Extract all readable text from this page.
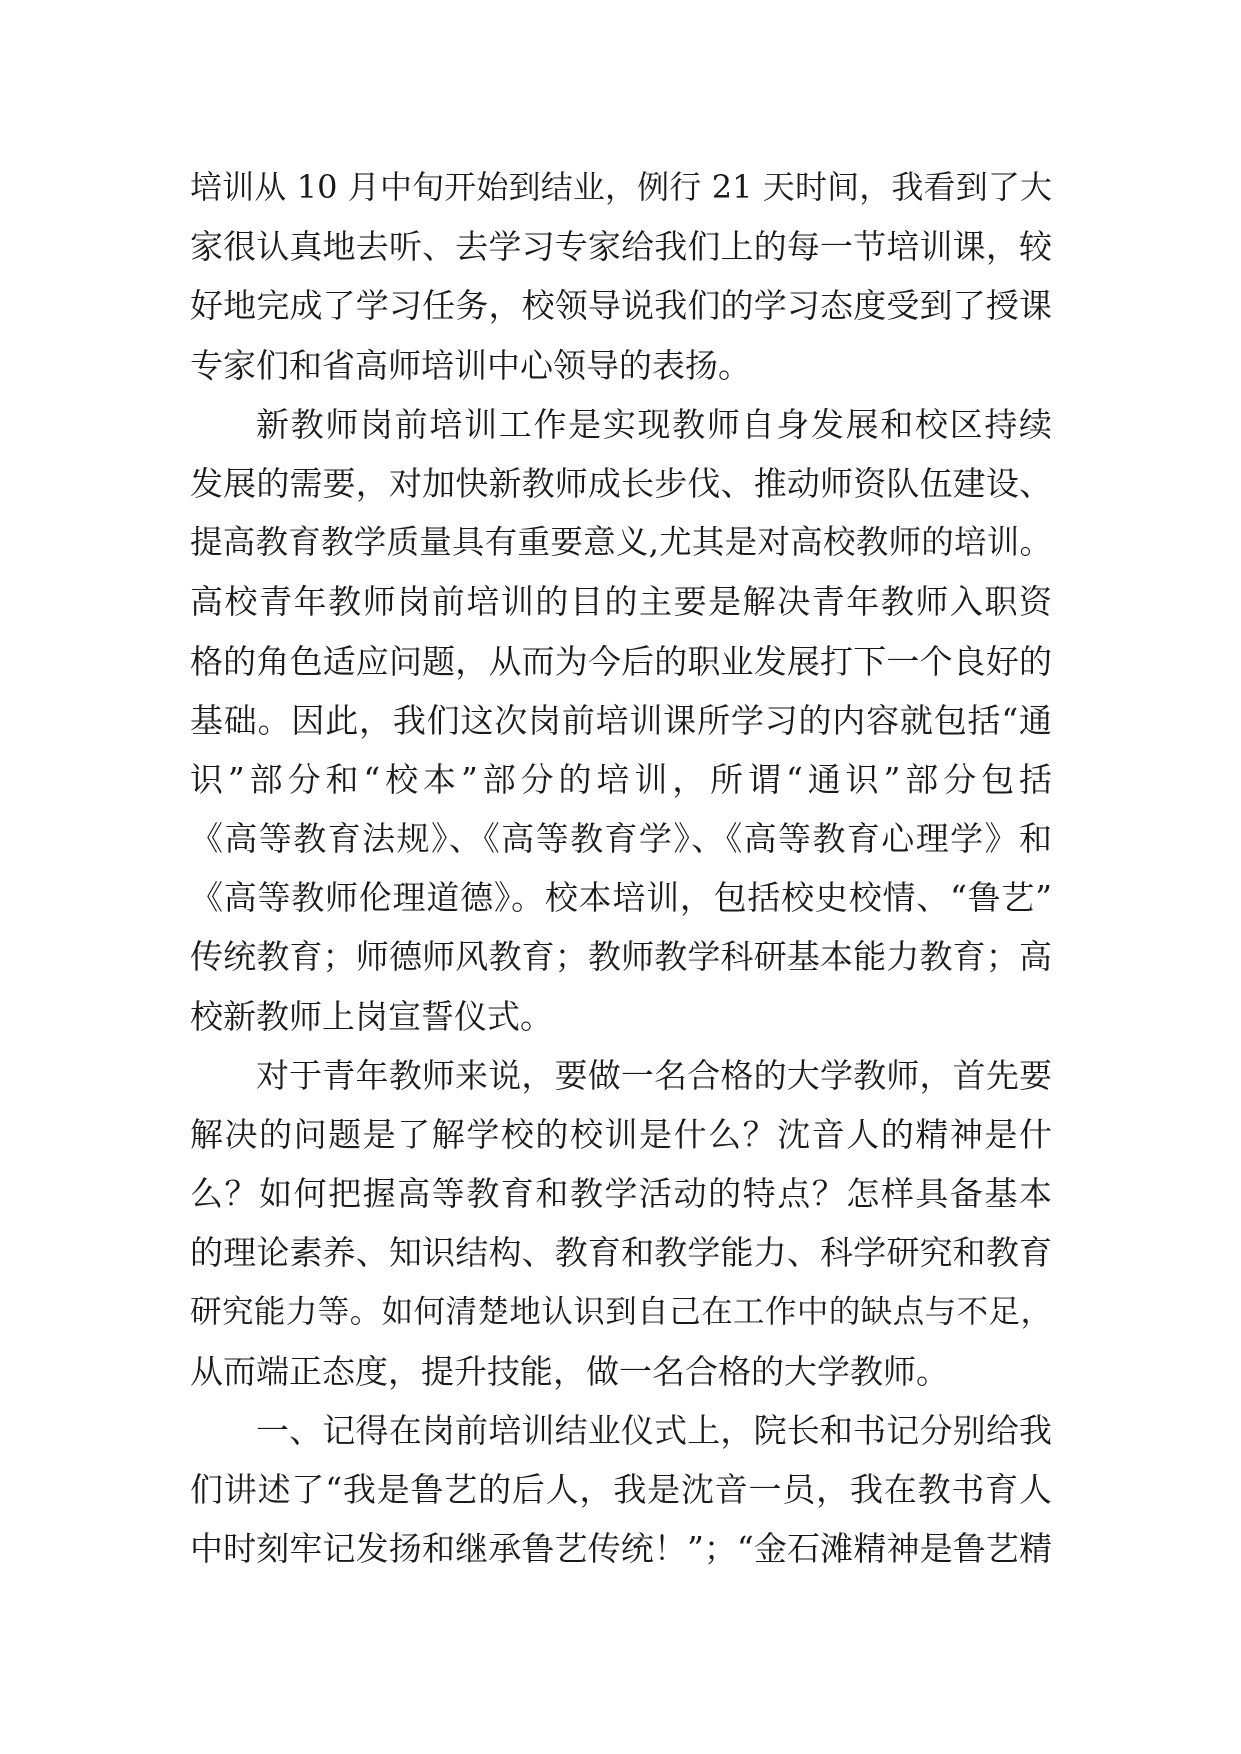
培训从 10 月中旬开始到结业，例行 21 天时间，我看到了大
家很认真地去听、去学习专家给我们上的每一节培训课，较
好地完成了学习任务，校领导说我们的学习态度受到了授课
专家们和省高师培训中心领导的表扬。
新教师岗前培训工作是实现教师自身发展和校区持续
发展的需要，对加快新教师成长步伐、推动师资队伍建设、
提高教育教学质量具有重要意义,尤其是对高校教师的培训。
高校青年教师岗前培训的目的主要是解决青年教师入职资
格的角色适应问题，从而为今后的职业发展打下一个良好的
基础。因此，我们这次岗前培训课所学习的内容就包括“通
识”部分和“校本”部分的培训，所谓“通识”部分包括
《高等教育法规》、《高等教育学》、《高等教育心理学》和
《高等教师伦理道德》。校本培训，包括校史校情、“鲁艺”
传统教育；师德师风教育；教师教学科研基本能力教育；高
校新教师上岗宣誓仪式。
对于青年教师来说，要做一名合格的大学教师，首先要
解决的问题是了解学校的校训是什么？沈音人的精神是什
么？如何把握高等教育和教学活动的特点？怎样具备基本
的理论素养、知识结构、教育和教学能力、科学研究和教育
研究能力等。如何清楚地认识到自己在工作中的缺点与不足，
从而端正态度，提升技能，做一名合格的大学教师。
一、记得在岗前培训结业仪式上，院长和书记分别给我
们讲述了“我是鲁艺的后人，我是沈音一员，我在教书育人
中时刻牢记发扬和继承鲁艺传统！”；“金石滩精神是鲁艺精
